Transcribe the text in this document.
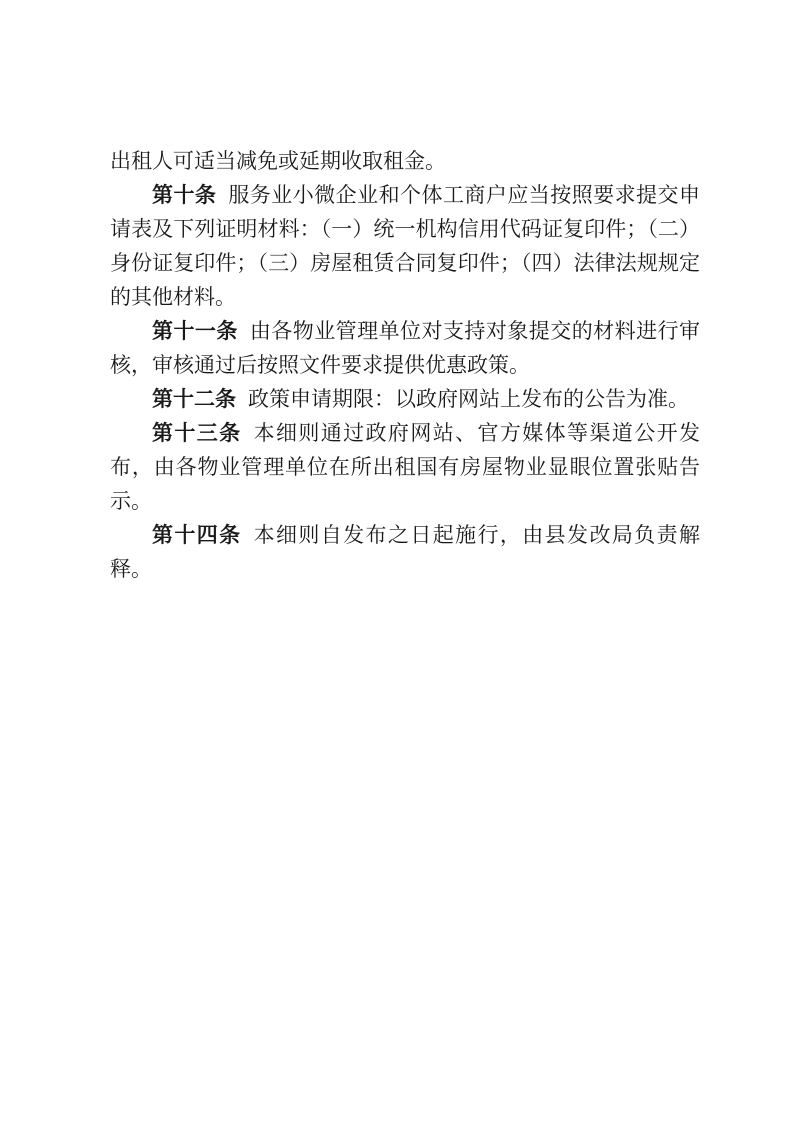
出租人可适当减免或延期收取租金。

第十条 服务业小微企业和个体工商户应当按照要求提交申请表及下列证明材料：（一）统一机构信用代码证复印件；（二）身份证复印件；（三）房屋租赁合同复印件；（四）法律法规规定的其他材料。

第十一条 由各物业管理单位对支持对象提交的材料进行审核，审核通过后按照文件要求提供优惠政策。

第十二条 政策申请期限：以政府网站上发布的公告为准。

第十三条 本细则通过政府网站、官方媒体等渠道公开发布，由各物业管理单位在所出租国有房屋物业显眼位置张贴告示。

第十四条 本细则自发布之日起施行，由县发改局负责解释。
